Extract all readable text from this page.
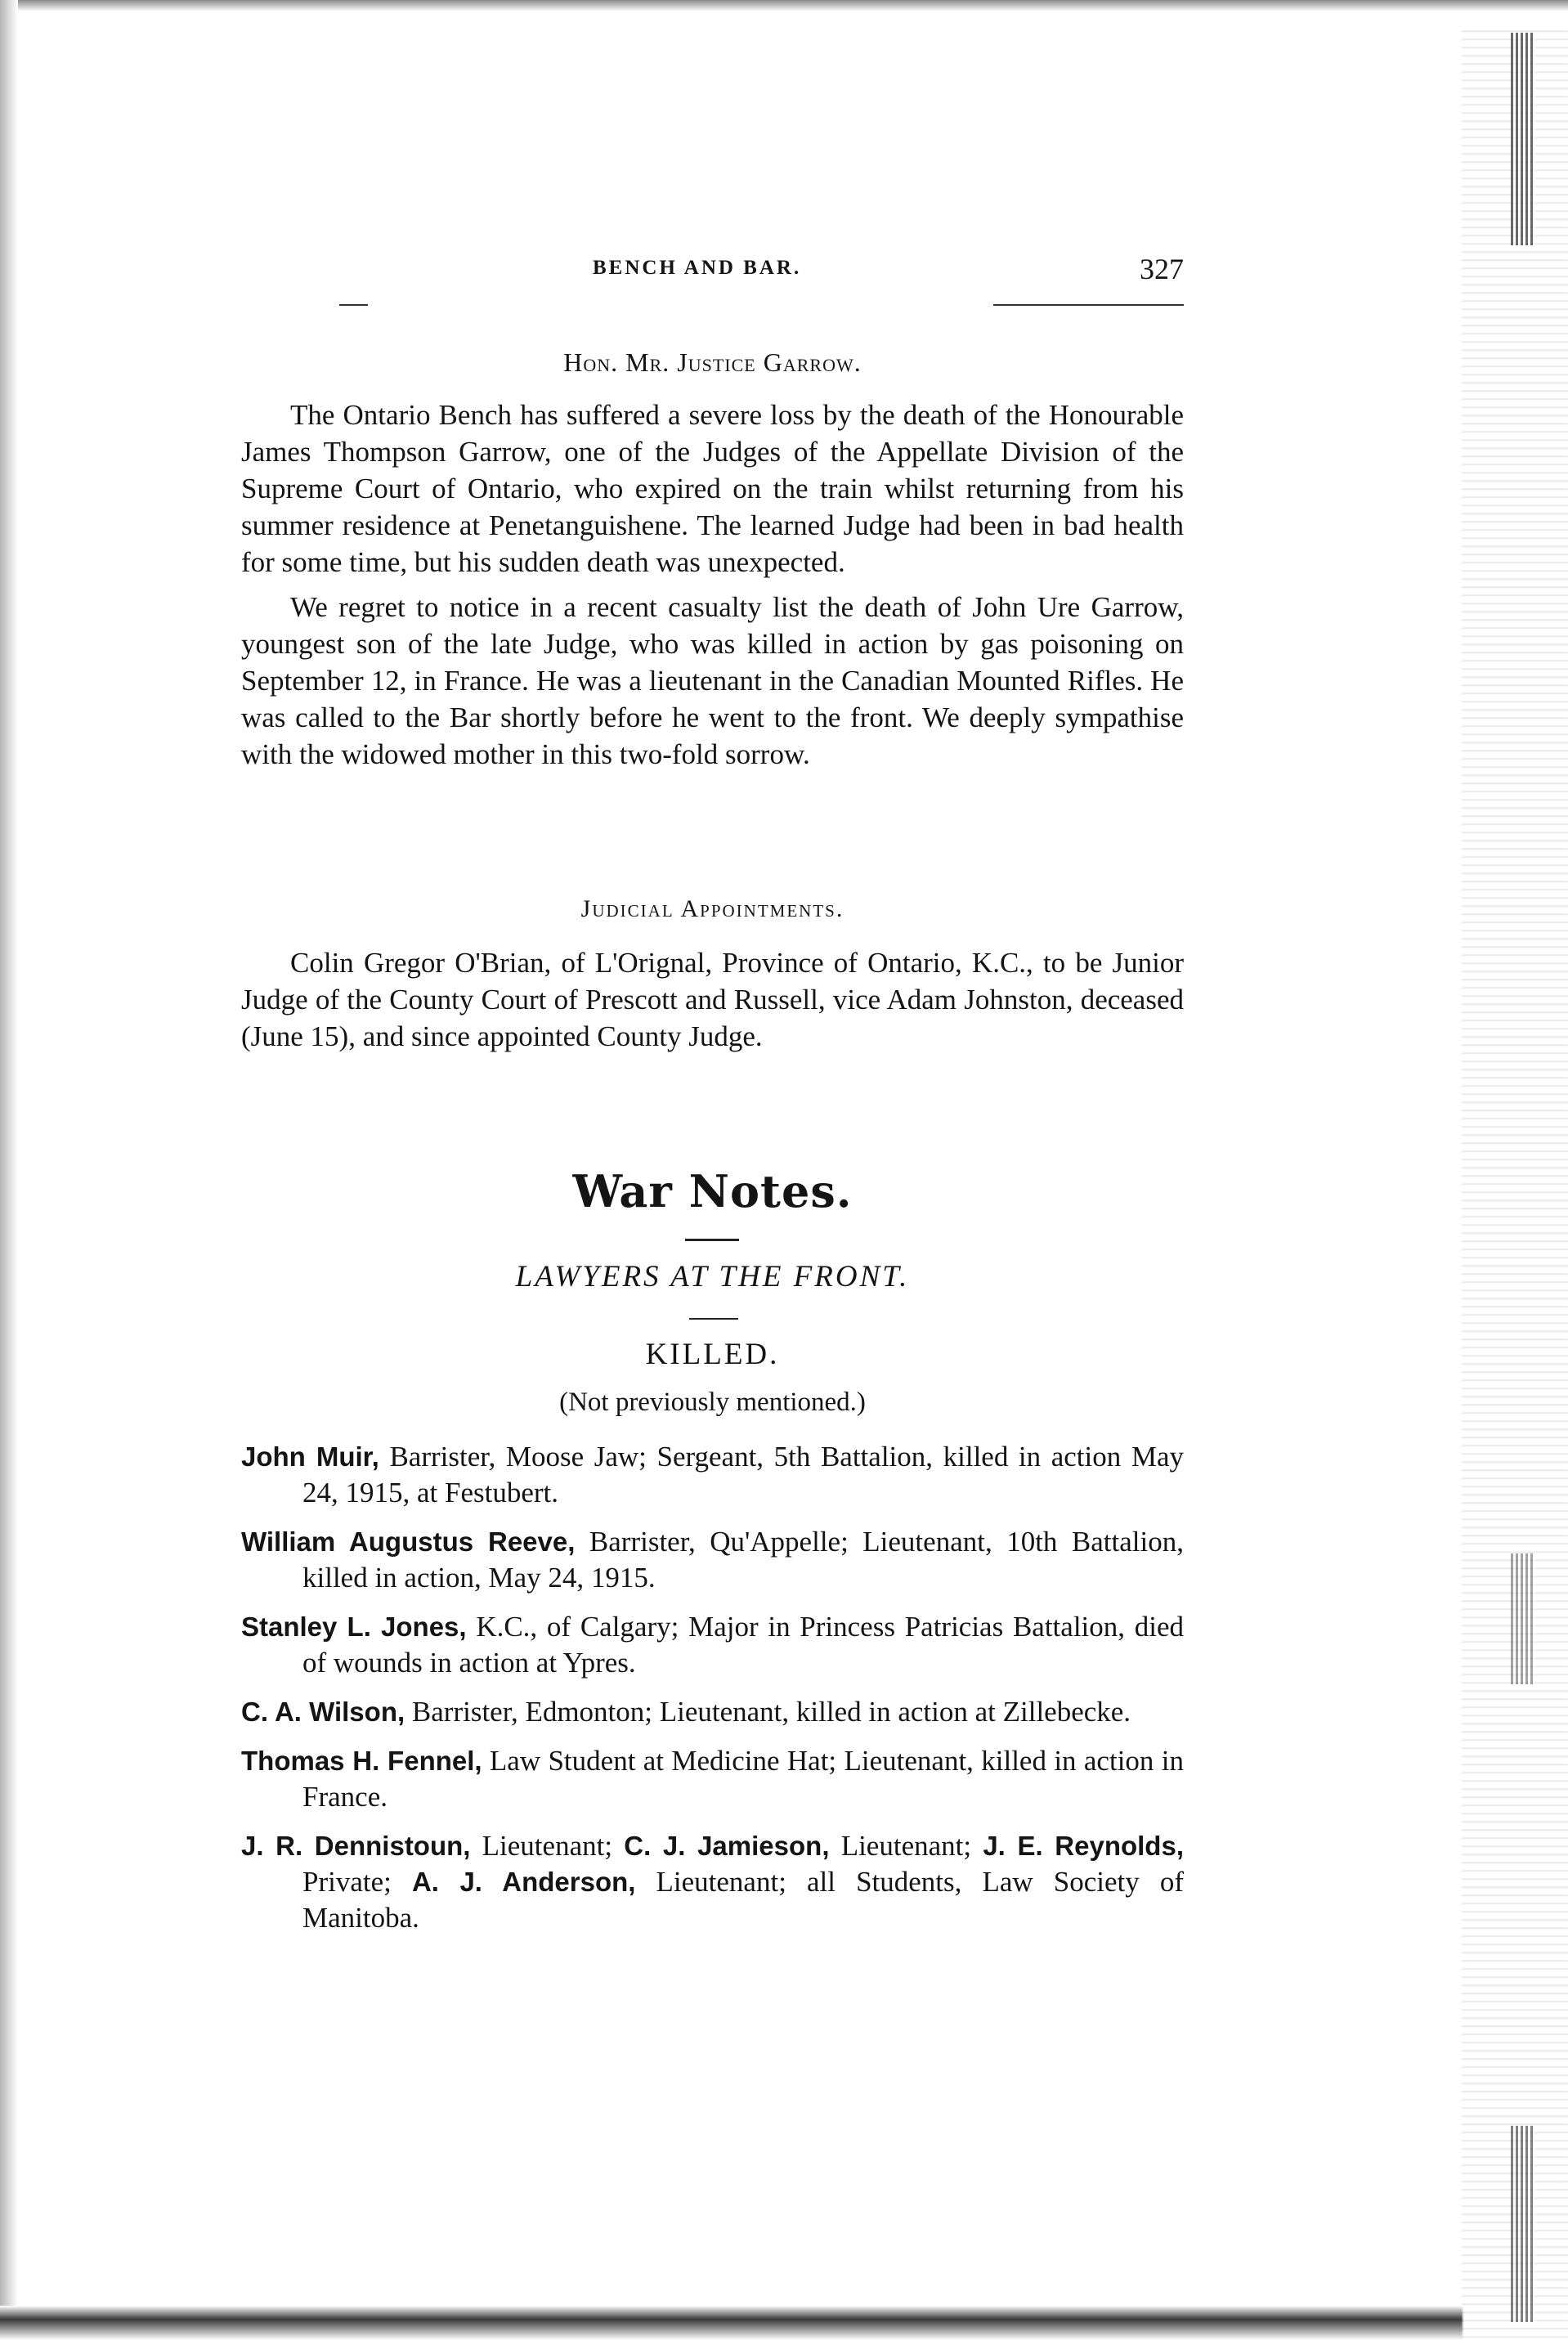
BENCH AND BAR.	327
Hon. Mr. Justice Garrow.

The Ontario Bench has suffered a severe loss by the death of the Honourable James Thompson Garrow, one of the Judges of the Appellate Division of the Supreme Court of Ontario, who expired on the train whilst returning from his summer residence at Penetanguishene. The learned Judge had been in bad health for some time, but his sudden death was unexpected.

We regret to notice in a recent casualty list the death of John Ure Garrow, youngest son of the late Judge, who was killed in action by gas poisoning on September 12, in France. He was a lieutenant in the Canadian Mounted Rifles. He was called to the Bar shortly before he went to the front. We deeply sympathise with the widowed mother in this two-fold sorrow.

Judicial Appointments.

Colin Gregor O'Brian, of L'Orignal, Province of Ontario, K.C., to be Junior Judge of the County Court of Prescott and Russell, vice Adam Johnston, deceased (June 15), and since appointed County Judge.

War Notes.
LAWYERS AT THE FRONT.
KILLED.
(Not previously mentioned.)

John Muir, Barrister, Moose Jaw; Sergeant, 5th Battalion, killed in action May 24, 1915, at Festubert.

William Augustus Reeve, Barrister, Qu'Appelle; Lieutenant, 10th Battalion, killed in action, May 24, 1915.

Stanley L. Jones, K.C., of Calgary; Major in Princess Patricias Battalion, died of wounds in action at Ypres.

C. A. Wilson, Barrister, Edmonton; Lieutenant, killed in action at Zillebecke.

Thomas H. Fennel, Law Student at Medicine Hat; Lieutenant, killed in action in France.

J. R. Dennistoun, Lieutenant; C. J. Jamieson, Lieutenant; J. E. Reynolds, Private; A. J. Anderson, Lieutenant; all Students, Law Society of Manitoba.
